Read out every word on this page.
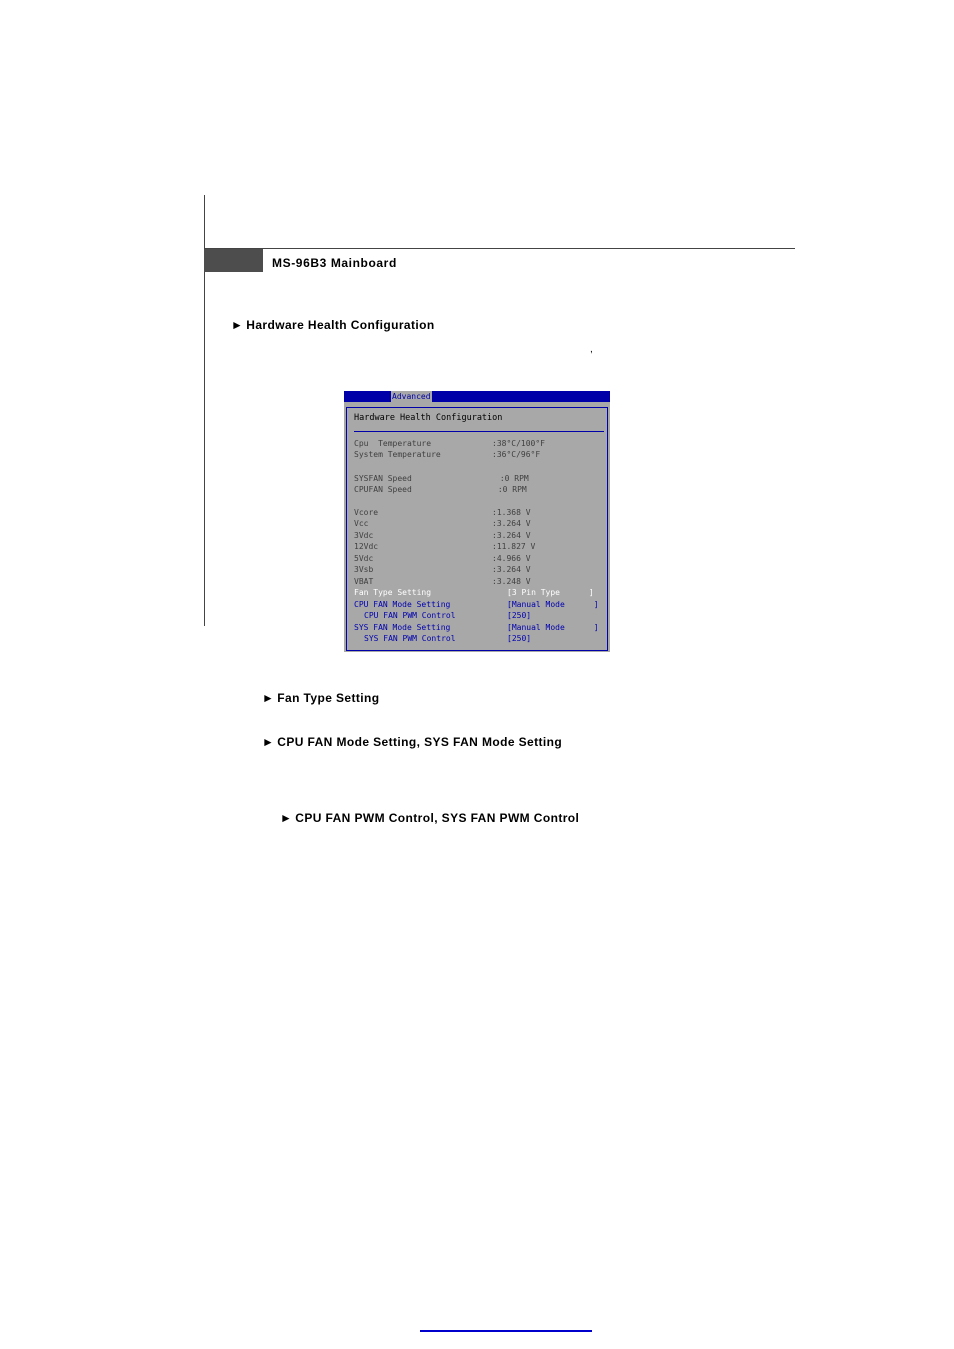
MS-96B3 Mainboard
► Hardware Health Configuration
,
Advanced
Hardware Health Configuration
Cpu  Temperature	:38°C/100°F
System Temperature	:36°C/96°F
SYSFAN Speed	:0 RPM
CPUFAN Speed	:0 RPM
Vcore	:1.368 V
Vcc	:3.264 V
3Vdc	:3.264 V
12Vdc	:11.827 V
5Vdc	:4.966 V
3Vsb	:3.264 V
VBAT	:3.248 V
Fan Type Setting	[3 Pin Type      ]
CPU FAN Mode Setting	[Manual Mode      ]
CPU FAN PWM Control	[250]
SYS FAN Mode Setting	[Manual Mode      ]
SYS FAN PWM Control	[250]
► Fan Type Setting
► CPU FAN Mode Setting, SYS FAN Mode Setting
► CPU FAN PWM Control, SYS FAN PWM Control
